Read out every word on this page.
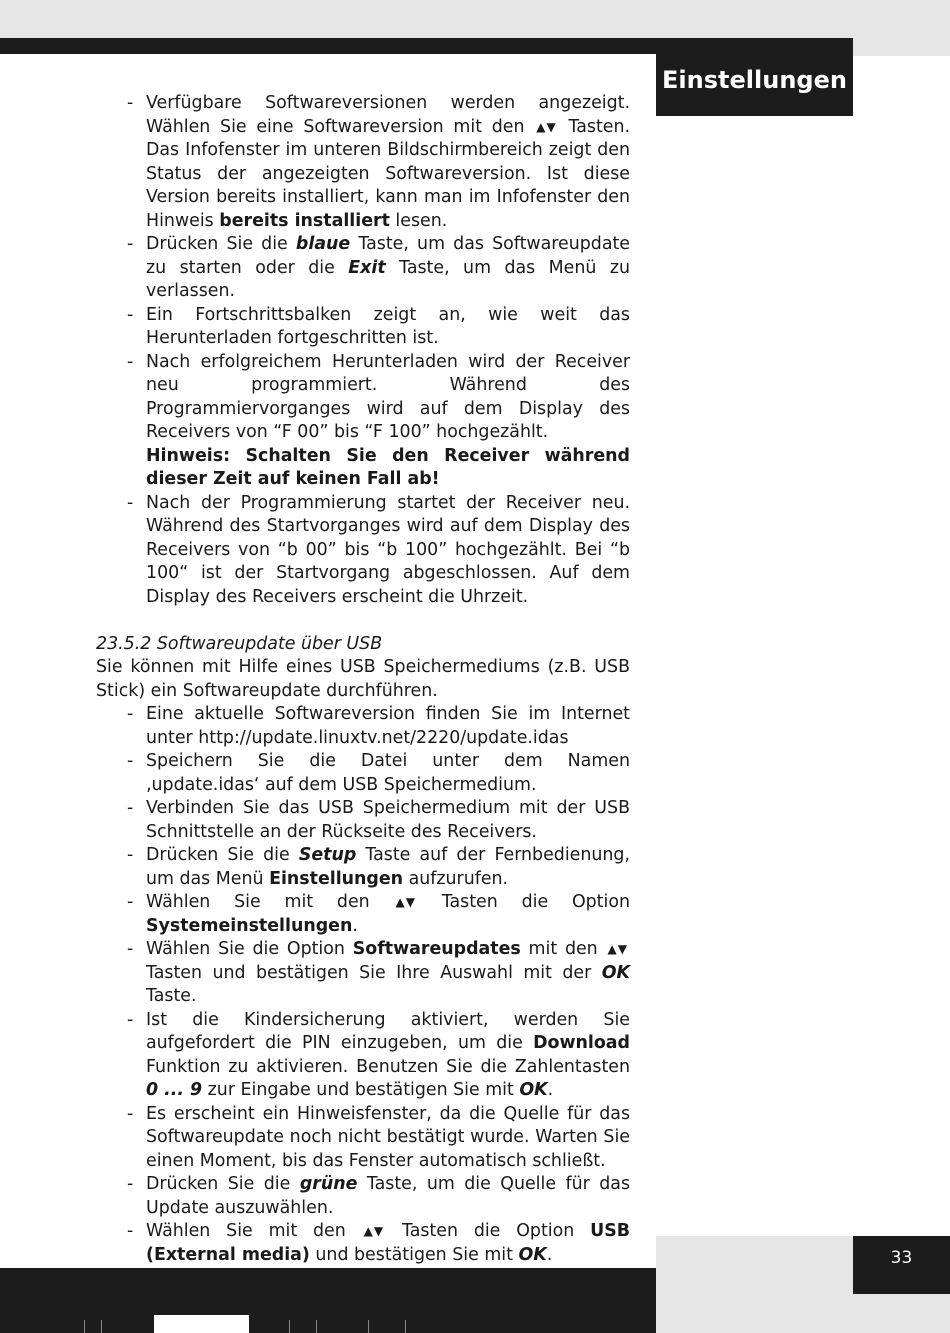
Einstellungen

- Verfügbare Softwareversionen werden angezeigt. Wählen Sie eine Softwareversion mit den ▲▼ Tasten. Das Infofenster im unteren Bildschirmbereich zeigt den Status der angezeigten Softwareversion. Ist diese Version bereits installiert, kann man im Infofenster den Hinweis bereits installiert lesen.

- Drücken Sie die blaue Taste, um das Softwareupdate zu starten oder die Exit Taste, um das Menü zu verlassen.

- Ein Fortschrittsbalken zeigt an, wie weit das Herunterladen fortgeschritten ist.

- Nach erfolgreichem Herunterladen wird der Receiver neu programmiert. Während des Programmiervorganges wird auf dem Display des Receivers von “F 00” bis “F 100” hochgezählt.

Hinweis: Schalten Sie den Receiver während dieser Zeit auf keinen Fall ab!

- Nach der Programmierung startet der Receiver neu. Während des Startvorganges wird auf dem Display des Receivers von “b 00” bis “b 100” hochgezählt. Bei “b 100“ ist der Startvorgang abgeschlossen. Auf dem Display des Receivers erscheint die Uhrzeit.

23.5.2 Softwareupdate über USB

Sie können mit Hilfe eines USB Speichermediums (z.B. USB Stick) ein Softwareupdate durchführen.

- Eine aktuelle Softwareversion finden Sie im Internet unter http://update.linuxtv.net/2220/update.idas

- Speichern Sie die Datei unter dem Namen ‚update.idas‘ auf dem USB Speichermedium.

- Verbinden Sie das USB Speichermedium mit der USB Schnittstelle an der Rückseite des Receivers.

- Drücken Sie die Setup Taste auf der Fernbedienung, um das Menü Einstellungen aufzurufen.

- Wählen Sie mit den ▲▼ Tasten die Option Systemeinstellungen.

- Wählen Sie die Option Softwareupdates mit den ▲▼ Tasten und bestätigen Sie Ihre Auswahl mit der OK Taste.

- Ist die Kindersicherung aktiviert, werden Sie aufgefordert die PIN einzugeben, um die Download Funktion zu aktivieren. Benutzen Sie die Zahlentasten 0 ... 9 zur Eingabe und bestätigen Sie mit OK.

- Es erscheint ein Hinweisfenster, da die Quelle für das Softwareupdate noch nicht bestätigt wurde. Warten Sie einen Moment, bis das Fenster automatisch schließt.

- Drücken Sie die grüne Taste, um die Quelle für das Update auszuwählen.

- Wählen Sie mit den ▲▼ Tasten die Option USB (External media) und bestätigen Sie mit OK.	33
